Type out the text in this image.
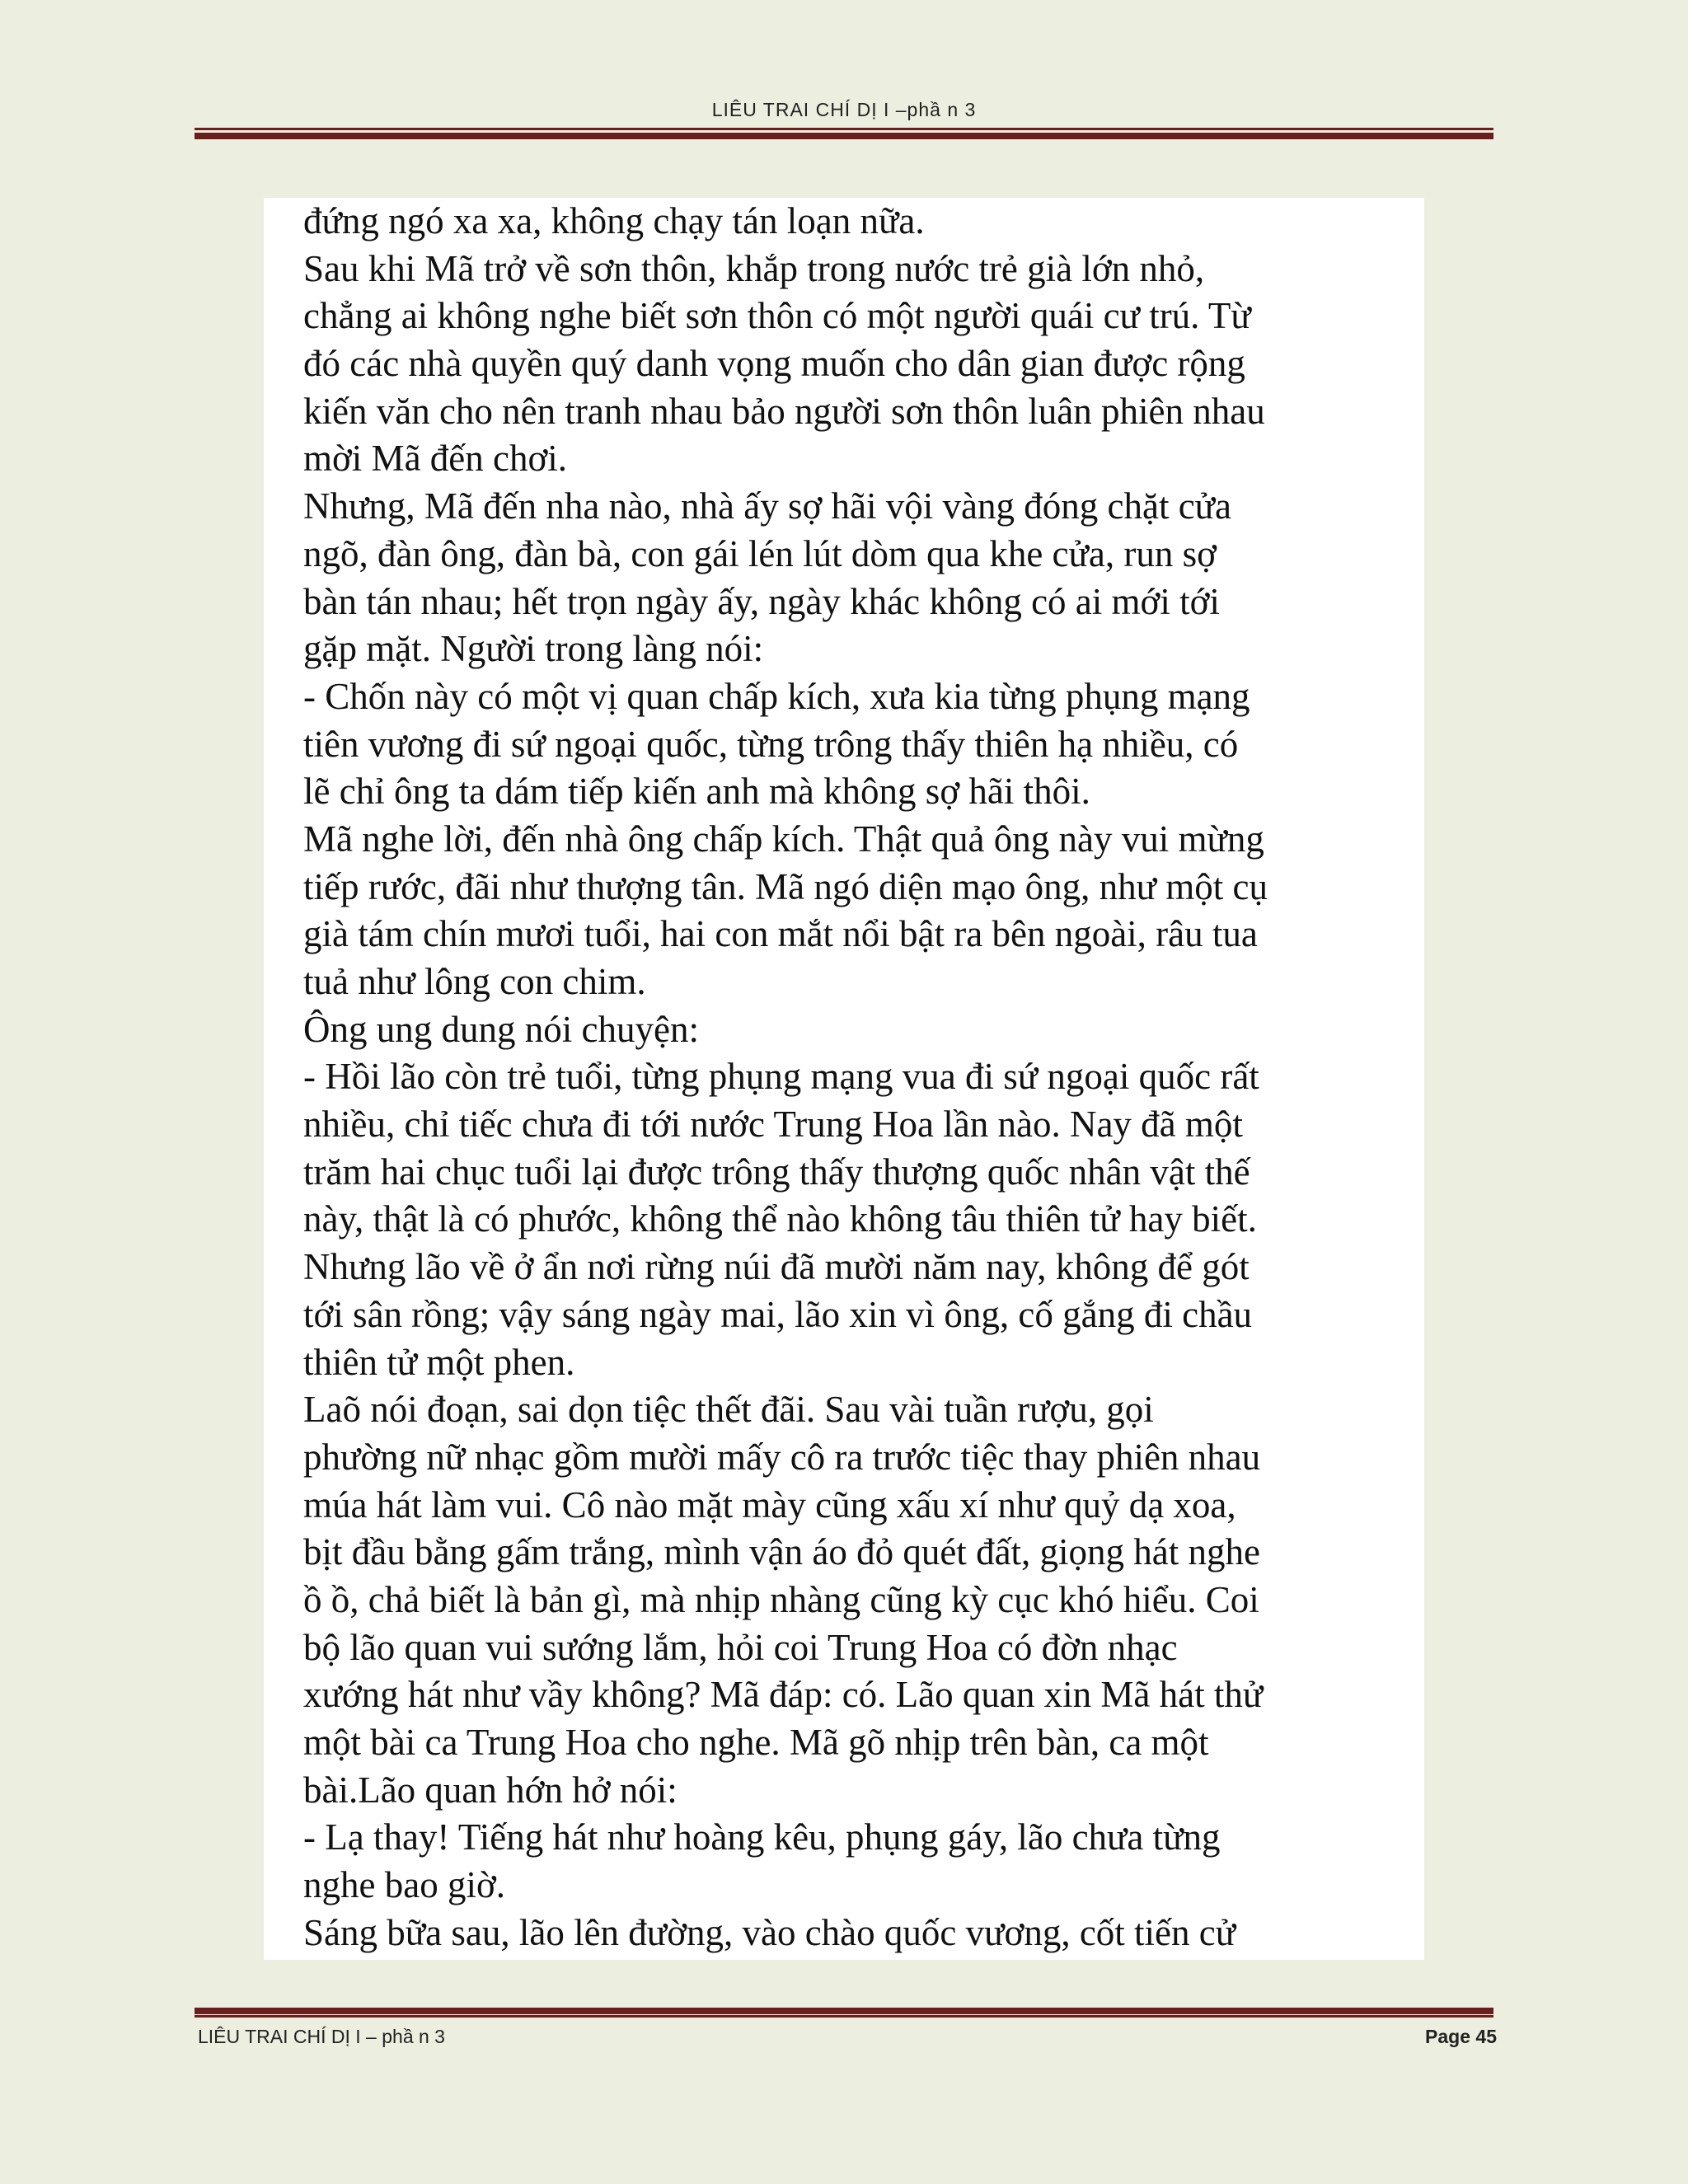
LIÊU TRAI CHÍ DỊ I –phầ n 3
đứng ngó xa xa, không chạy tán loạn nữa.
Sau khi Mã trở về sơn thôn, khắp trong nước trẻ già lớn nhỏ,
chẳng ai không nghe biết sơn thôn có một người quái cư trú. Từ
đó các nhà quyền quý danh vọng muốn cho dân gian được rộng
kiến văn cho nên tranh nhau bảo người sơn thôn luân phiên nhau
mời Mã đến chơi.
Nhưng, Mã đến nha nào, nhà ấy sợ hãi vội vàng đóng chặt cửa
ngõ, đàn ông, đàn bà, con gái lén lút dòm qua khe cửa, run sợ
bàn tán nhau; hết trọn ngày ấy, ngày khác không có ai mới tới
gặp mặt. Người trong làng nói:
- Chốn này có một vị quan chấp kích, xưa kia từng phụng mạng
tiên vương đi sứ ngoại quốc, từng trông thấy thiên hạ nhiều, có
lẽ chỉ ông ta dám tiếp kiến anh mà không sợ hãi thôi.
Mã nghe lời, đến nhà ông chấp kích. Thật quả ông này vui mừng
tiếp rước, đãi như thượng tân. Mã ngó diện mạo ông, như một cụ
già tám chín mươi tuổi, hai con mắt nổi bật ra bên ngoài, râu tua
tuả như lông con chim.
Ông ung dung nói chuyện:
- Hồi lão còn trẻ tuổi, từng phụng mạng vua đi sứ ngoại quốc rất
nhiều, chỉ tiếc chưa đi tới nước Trung Hoa lần nào. Nay đã một
trăm hai chục tuổi lại được trông thấy thượng quốc nhân vật thế
này, thật là có phước, không thể nào không tâu thiên tử hay biết.
Nhưng lão về ở ẩn nơi rừng núi đã mười năm nay, không để gót
tới sân rồng; vậy sáng ngày mai, lão xin vì ông, cố gắng đi chầu
thiên tử một phen.
Laõ nói đoạn, sai dọn tiệc thết đãi. Sau vài tuần rượu, gọi
phường nữ nhạc gồm mười mấy cô ra trước tiệc thay phiên nhau
múa hát làm vui. Cô nào mặt mày cũng xấu xí như quỷ dạ xoa,
bịt đầu bằng gấm trắng, mình vận áo đỏ quét đất, giọng hát nghe
ồ ồ, chả biết là bản gì, mà nhịp nhàng cũng kỳ cục khó hiểu. Coi
bộ lão quan vui sướng lắm, hỏi coi Trung Hoa có đờn nhạc
xướng hát như vầy không? Mã đáp: có. Lão quan xin Mã hát thử
một bài ca Trung Hoa cho nghe. Mã gõ nhịp trên bàn, ca một
bài.Lão quan hớn hở nói:
- Lạ thay! Tiếng hát như hoàng kêu, phụng gáy, lão chưa từng
nghe bao giờ.
Sáng bữa sau, lão lên đường, vào chào quốc vương, cốt tiến cử
LIÊU TRAI CHÍ DỊ I – phầ n 3	Page 45
